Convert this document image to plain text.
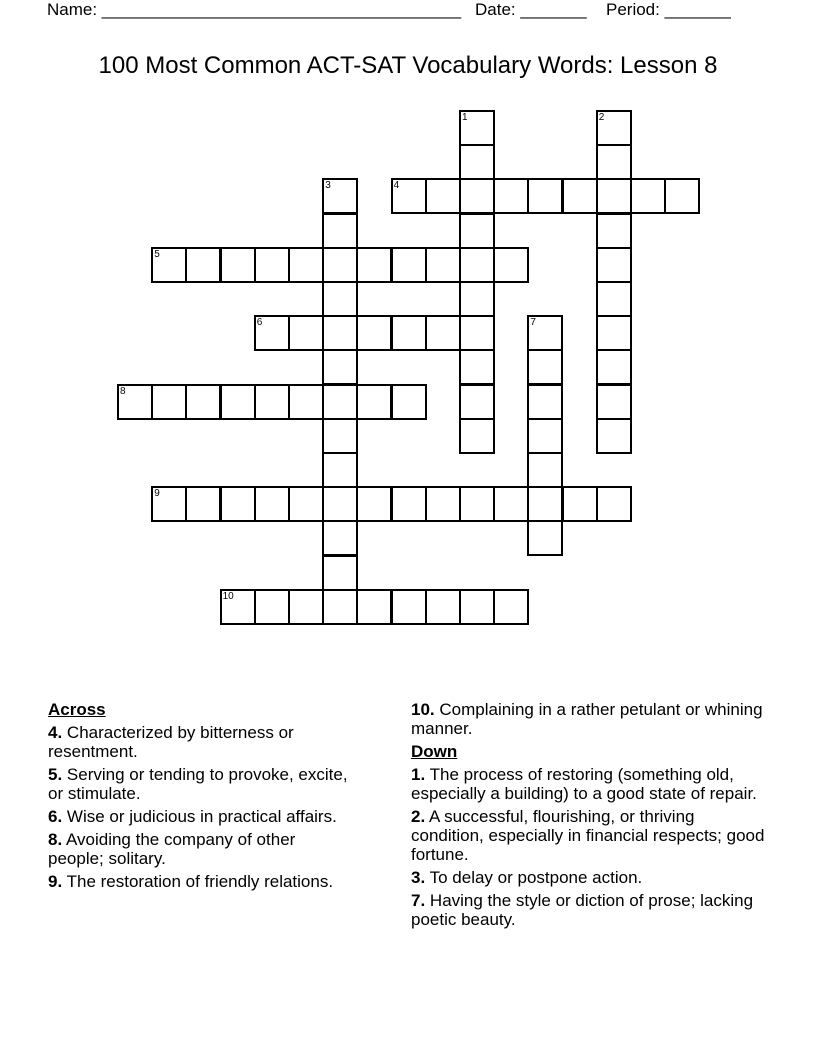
Name: ______________________________________ Date: _______ Period: _______
100 Most Common ACT-SAT Vocabulary Words: Lesson 8
1	2
3	4
5
6	7
8
9
10
Across
4. Characterized by bitterness or resentment.
5. Serving or tending to provoke, excite, or stimulate.
6. Wise or judicious in practical affairs.
8. Avoiding the company of other people; solitary.
9. The restoration of friendly relations.
10. Complaining in a rather petulant or whining manner.
Down
1. The process of restoring (something old, especially a building) to a good state of repair.
2. A successful, flourishing, or thriving condition, especially in financial respects; good fortune.
3. To delay or postpone action.
7. Having the style or diction of prose; lacking poetic beauty.
